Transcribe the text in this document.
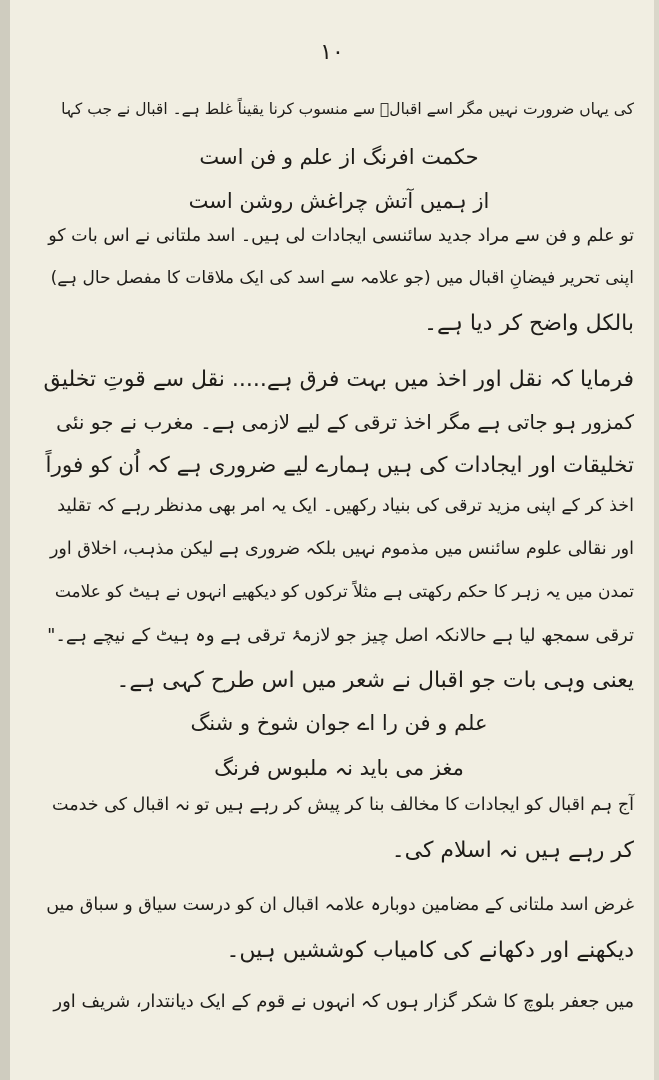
۱۰
کی یہاں ضرورت نہیں مگر اسے اقبالؔ سے منسوب کرنا یقیناً غلط ہے۔ اقبال نے جب کہا
حکمت افرنگ از علم و فن است
از ہمیں آتش چراغش روشن است
تو علم و فن سے مراد جدید سائنسی ایجادات لی ہیں۔ اسد ملتانی نے اس بات کو
اپنی تحریر فیضانِ اقبال میں (جو علامہ سے اسد کی ایک ملاقات کا مفصل حال ہے)
بالکل واضح کر دیا ہے۔
فرمایا کہ نقل اور اخذ میں بہت فرق ہے..... نقل سے قوتِ تخلیق
کمزور ہو جاتی ہے مگر اخذ ترقی کے لیے لازمی ہے۔ مغرب نے جو نئی
تخلیقات اور ایجادات کی ہیں ہمارے لیے ضروری ہے کہ اُن کو فوراً
اخذ کر کے اپنی مزید ترقی کی بنیاد رکھیں۔ ایک یہ امر بھی مدنظر رہے کہ تقلید
اور نقالی علوم سائنس میں مذموم نہیں بلکہ ضروری ہے لیکن مذہب، اخلاق اور
تمدن میں یہ زہر کا حکم رکھتی ہے مثلاً ترکوں کو دیکھیے انہوں نے ہیٹ کو علامت
ترقی سمجھ لیا ہے حالانکہ اصل چیز جو لازمۂ ترقی ہے وہ ہیٹ کے نیچے ہے۔"
یعنی وہی بات جو اقبال نے شعر میں اس طرح کہی ہے۔
علم و فن را اے جوان شوخ و شنگ
مغز می باید نہ ملبوس فرنگ
آج ہم اقبال کو ایجادات کا مخالف بنا کر پیش کر رہے ہیں تو نہ اقبال کی خدمت
کر رہے ہیں نہ اسلام کی۔
غرض اسد ملتانی کے مضامین دوبارہ علامہ اقبال ان کو درست سیاق و سباق میں
دیکھنے اور دکھانے کی کامیاب کوششیں ہیں۔
میں جعفر بلوچ کا شکر گزار ہوں کہ انہوں نے قوم کے ایک دیانتدار، شریف اور
